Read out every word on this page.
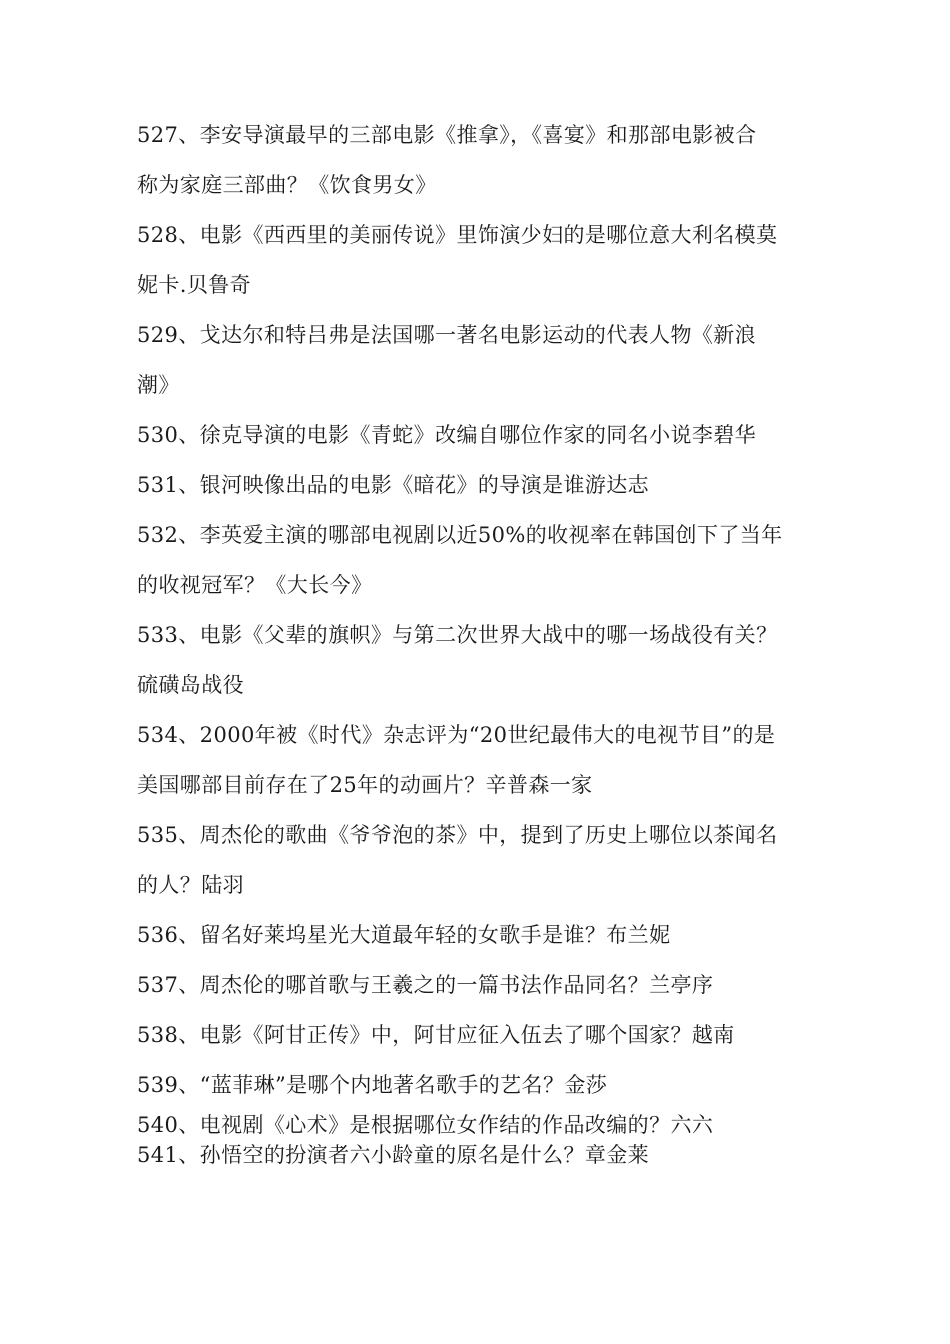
527、李安导演最早的三部电影《推拿》，《喜宴》和那部电影被合
称为家庭三部曲？《饮食男女》
528、电影《西西里的美丽传说》里饰演少妇的是哪位意大利名模莫
妮卡.贝鲁奇
529、戈达尔和特吕弗是法国哪一著名电影运动的代表人物《新浪
潮》
530、徐克导演的电影《青蛇》改编自哪位作家的同名小说李碧华
531、银河映像出品的电影《暗花》的导演是谁游达志
532、李英爱主演的哪部电视剧以近50%的收视率在韩国创下了当年
的收视冠军？《大长今》
533、电影《父辈的旗帜》与第二次世界大战中的哪一场战役有关？
硫磺岛战役
534、2000年被《时代》杂志评为“20世纪最伟大的电视节目”的是
美国哪部目前存在了25年的动画片？辛普森一家
535、周杰伦的歌曲《爷爷泡的茶》中，提到了历史上哪位以茶闻名
的人？陆羽
536、留名好莱坞星光大道最年轻的女歌手是谁？布兰妮
537、周杰伦的哪首歌与王羲之的一篇书法作品同名？兰亭序
538、电影《阿甘正传》中，阿甘应征入伍去了哪个国家？越南
539、“蓝菲琳”是哪个内地著名歌手的艺名？金莎
540、电视剧《心术》是根据哪位女作结的作品改编的？六六
541、孙悟空的扮演者六小龄童的原名是什么？章金莱
